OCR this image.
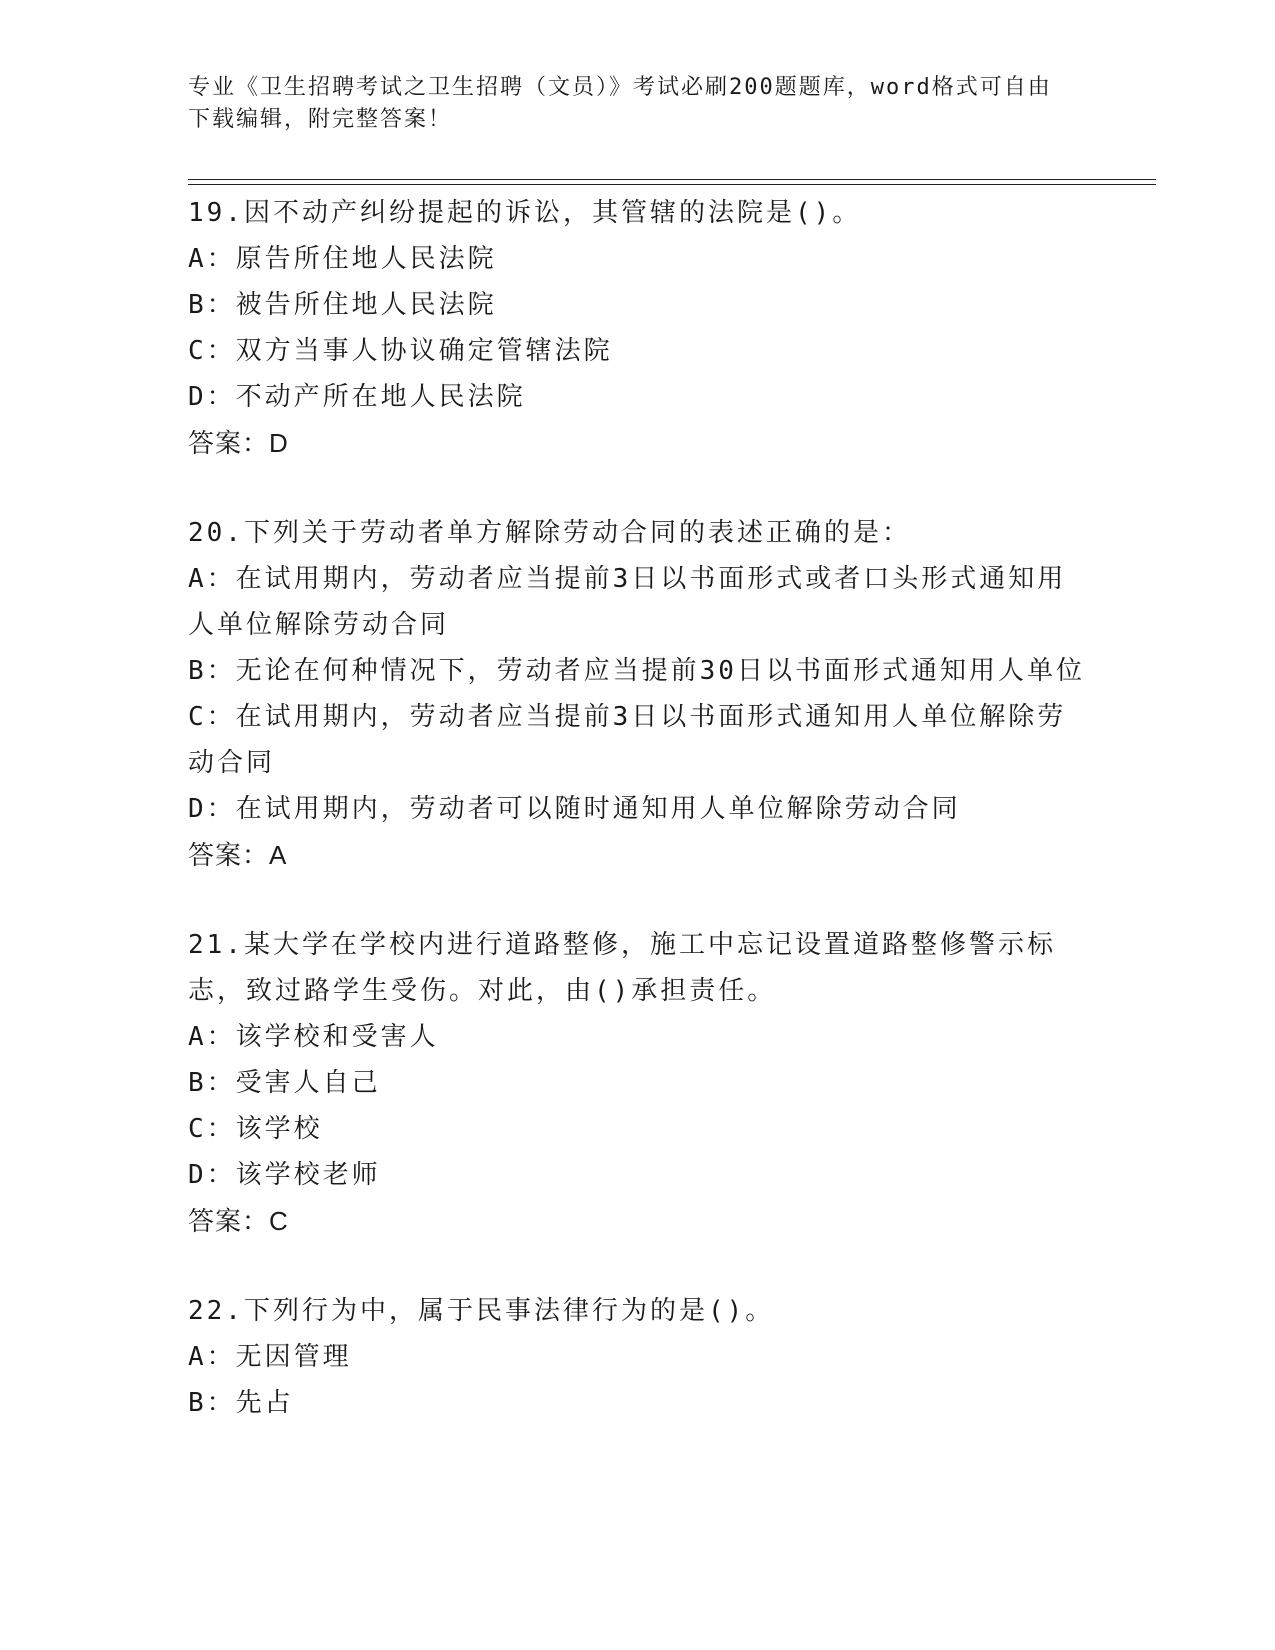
专业《卫生招聘考试之卫生招聘（文员）》考试必刷200题题库，word格式可自由下载编辑，附完整答案！
19.因不动产纠纷提起的诉讼，其管辖的法院是()。
A：原告所住地人民法院
B：被告所住地人民法院
C：双方当事人协议确定管辖法院
D：不动产所在地人民法院
答案：D
20.下列关于劳动者单方解除劳动合同的表述正确的是：
A：在试用期内，劳动者应当提前3日以书面形式或者口头形式通知用人单位解除劳动合同
B：无论在何种情况下，劳动者应当提前30日以书面形式通知用人单位
C：在试用期内，劳动者应当提前3日以书面形式通知用人单位解除劳动合同
D：在试用期内，劳动者可以随时通知用人单位解除劳动合同
答案：A
21.某大学在学校内进行道路整修，施工中忘记设置道路整修警示标志，致过路学生受伤。对此，由()承担责任。
A：该学校和受害人
B：受害人自己
C：该学校
D：该学校老师
答案：C
22.下列行为中，属于民事法律行为的是()。
A：无因管理
B：先占
